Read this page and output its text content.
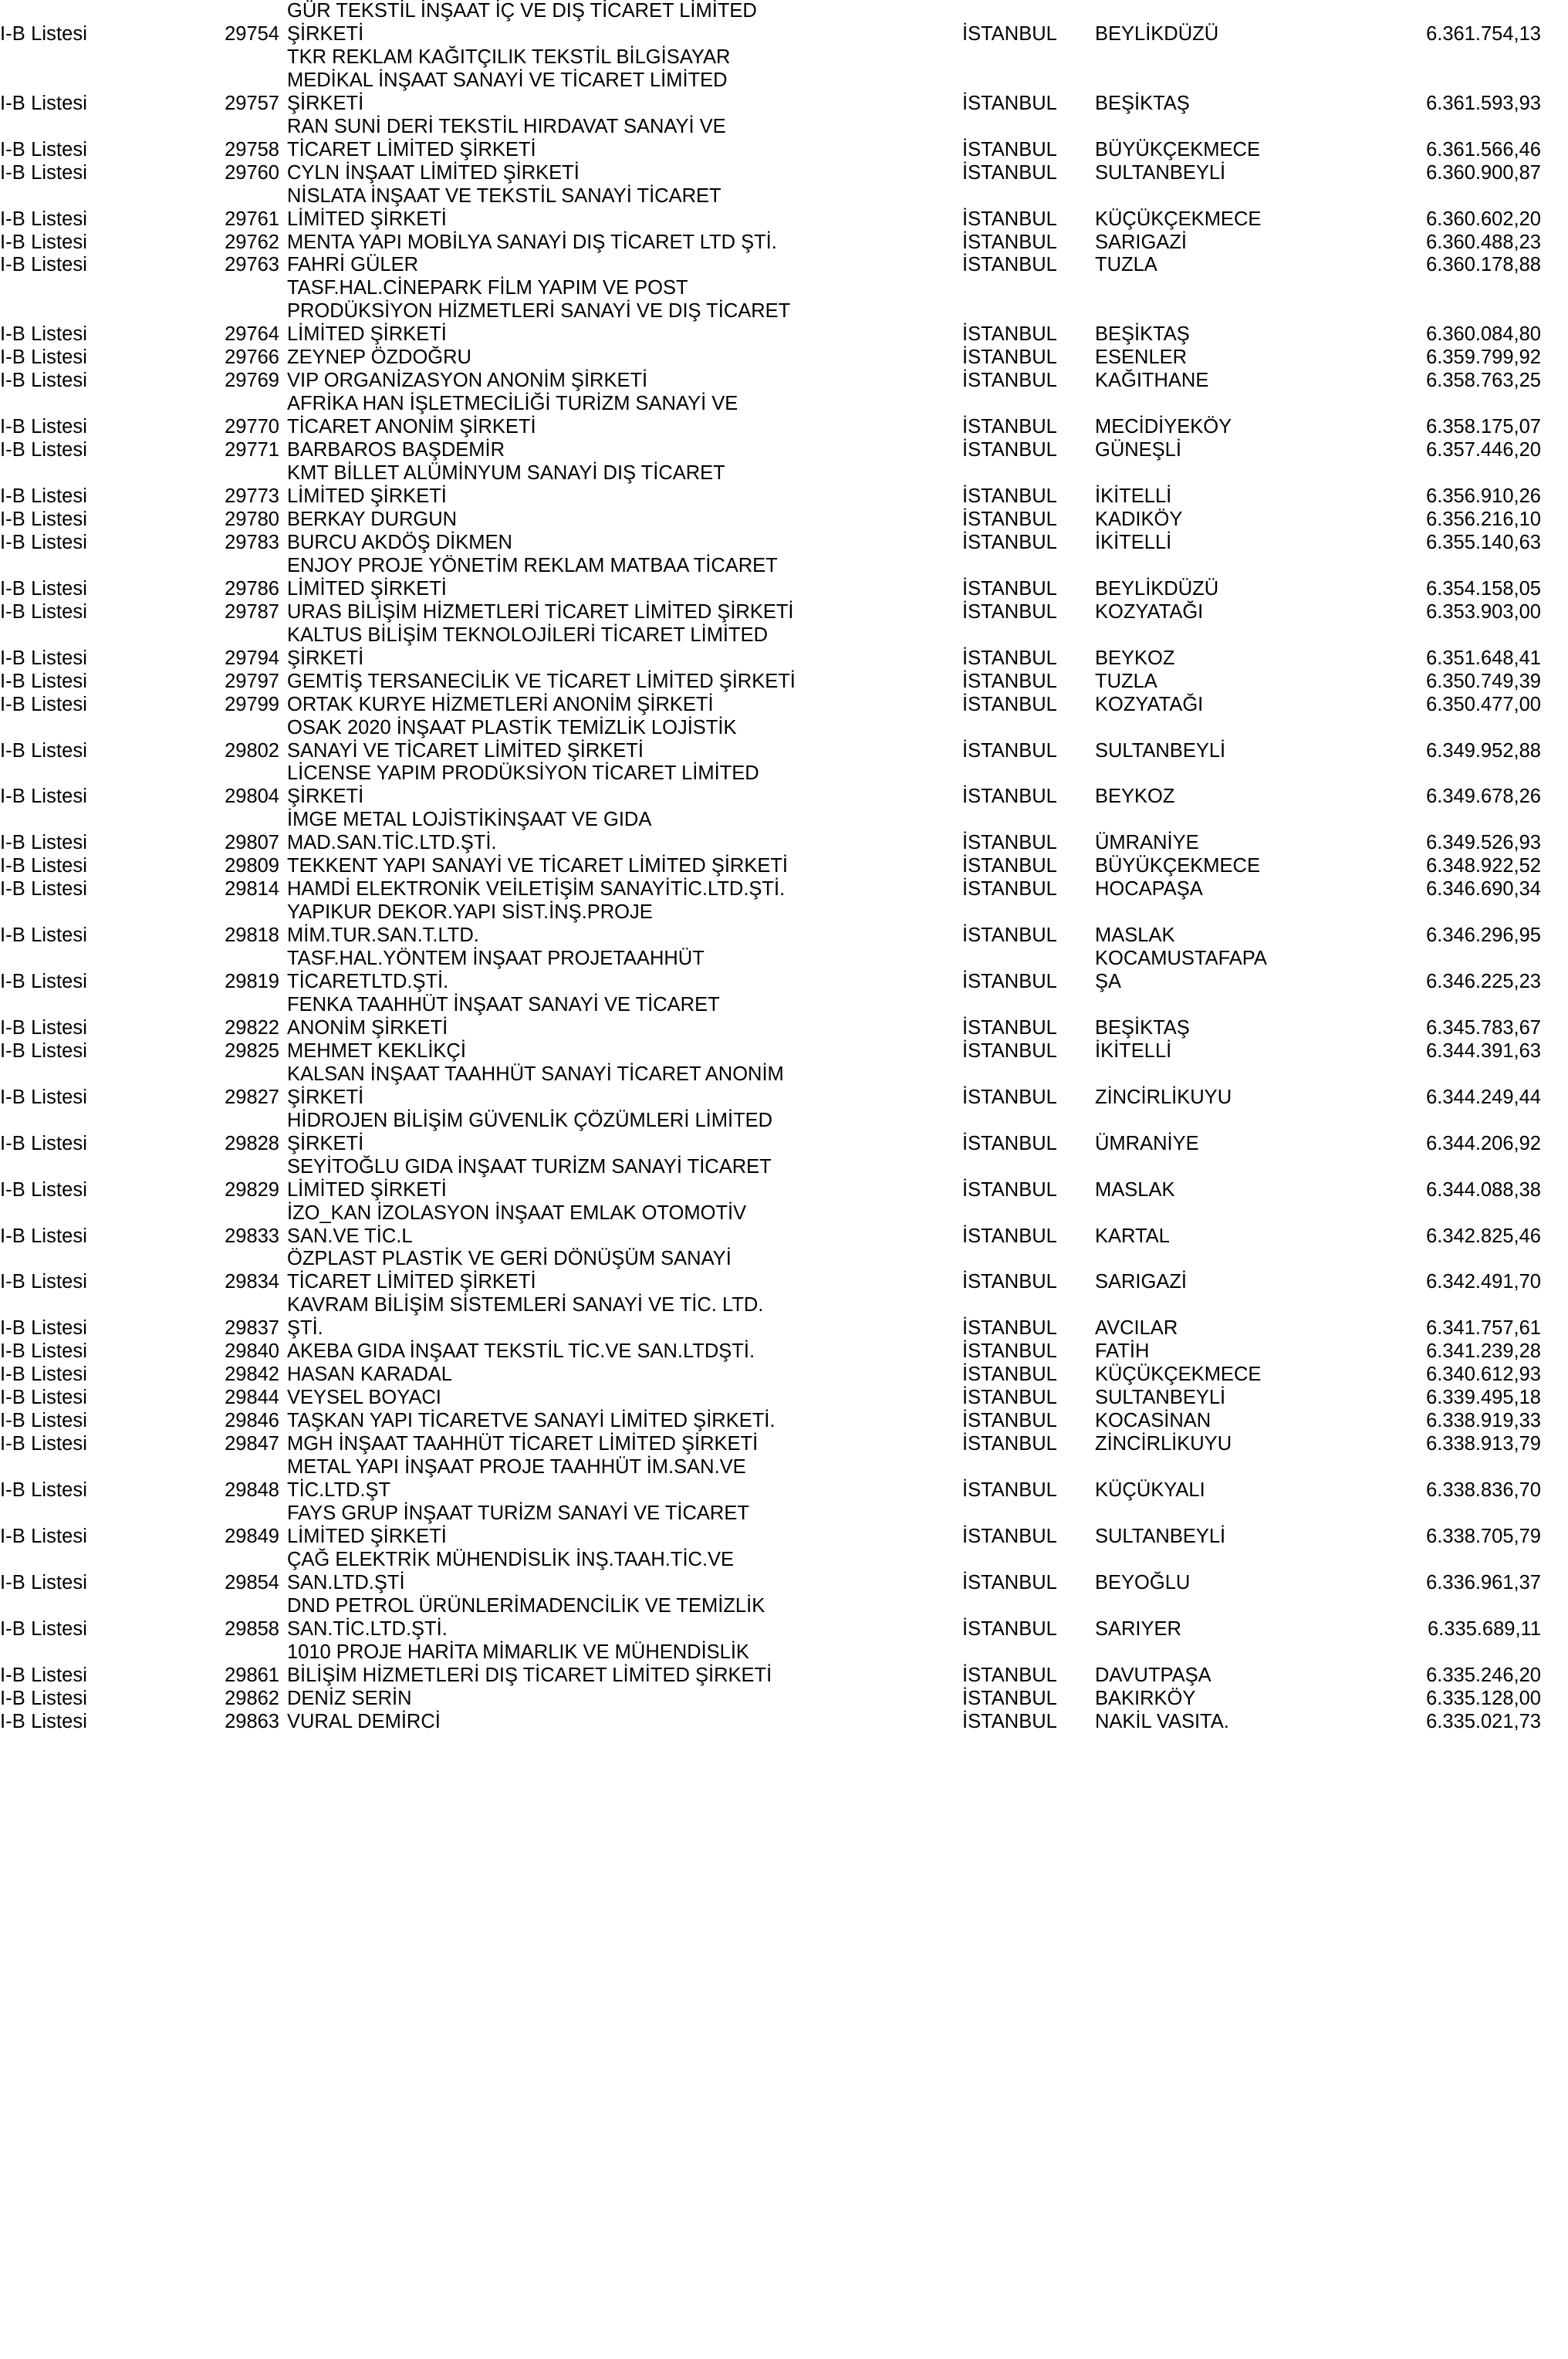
I-B Listesi		29754		GÜR TEKSTİL İNŞAAT İÇ VE DIŞ TİCARET LİMİTED
ŞİRKETİ	İSTANBUL		BEYLİKDÜZÜ	6.361.754,13	
I-B Listesi		29757		TKR REKLAM KAĞITÇILIK TEKSTİL BİLGİSAYAR
MEDİKAL İNŞAAT SANAYİ VE TİCARET LİMİTED
ŞİRKETİ	İSTANBUL		BEŞİKTAŞ	6.361.593,93	
I-B Listesi		29758		RAN SUNİ DERİ TEKSTİL HIRDAVAT SANAYİ VE
TİCARET LİMİTED ŞİRKETİ	İSTANBUL		BÜYÜKÇEKMECE	6.361.566,46	
I-B Listesi		29760		CYLN İNŞAAT LİMİTED ŞİRKETİ	İSTANBUL		SULTANBEYLİ	6.360.900,87	
I-B Listesi		29761		NİSLATA İNŞAAT VE TEKSTİL SANAYİ TİCARET
LİMİTED ŞİRKETİ	İSTANBUL		KÜÇÜKÇEKMECE	6.360.602,20	
I-B Listesi		29762		MENTA YAPI MOBİLYA SANAYİ DIŞ TİCARET LTD ŞTİ.	İSTANBUL		SARIGAZİ	6.360.488,23	
I-B Listesi		29763		FAHRİ GÜLER	İSTANBUL		TUZLA	6.360.178,88	
I-B Listesi		29764		TASF.HAL.CİNEPARK FİLM YAPIM VE POST
PRODÜKSİYON HİZMETLERİ SANAYİ VE DIŞ TİCARET
LİMİTED ŞİRKETİ	İSTANBUL		BEŞİKTAŞ	6.360.084,80	
I-B Listesi		29766		ZEYNEP ÖZDOĞRU	İSTANBUL		ESENLER	6.359.799,92	
I-B Listesi		29769		VIP ORGANİZASYON ANONİM ŞİRKETİ	İSTANBUL		KAĞITHANE	6.358.763,25	
I-B Listesi		29770		AFRİKA HAN İŞLETMECİLİĞİ TURİZM SANAYİ VE
TİCARET ANONİM ŞİRKETİ	İSTANBUL		MECİDİYEKÖY	6.358.175,07	
I-B Listesi		29771		BARBAROS BAŞDEMİR	İSTANBUL		GÜNEŞLİ	6.357.446,20	
I-B Listesi		29773		KMT BİLLET ALÜMİNYUM SANAYİ DIŞ TİCARET
LİMİTED ŞİRKETİ	İSTANBUL		İKİTELLİ	6.356.910,26	
I-B Listesi		29780		BERKAY DURGUN	İSTANBUL		KADIKÖY	6.356.216,10	
I-B Listesi		29783		BURCU AKDÖŞ DİKMEN	İSTANBUL		İKİTELLİ	6.355.140,63	
I-B Listesi		29786		ENJOY PROJE YÖNETİM REKLAM MATBAA TİCARET
LİMİTED ŞİRKETİ	İSTANBUL		BEYLİKDÜZÜ	6.354.158,05	
I-B Listesi		29787		URAS BİLİŞİM HİZMETLERİ TİCARET LİMİTED ŞİRKETİ	İSTANBUL		KOZYATAĞI	6.353.903,00	
I-B Listesi		29794		KALTUS BİLİŞİM TEKNOLOJİLERİ TİCARET LİMİTED
ŞİRKETİ	İSTANBUL		BEYKOZ	6.351.648,41	
I-B Listesi		29797		GEMTİŞ TERSANECİLİK VE TİCARET LİMİTED ŞİRKETİ	İSTANBUL		TUZLA	6.350.749,39	
I-B Listesi		29799		ORTAK KURYE HİZMETLERİ ANONİM ŞİRKETİ	İSTANBUL		KOZYATAĞI	6.350.477,00	
I-B Listesi		29802		OSAK 2020 İNŞAAT PLASTİK TEMİZLİK LOJİSTİK
SANAYİ VE TİCARET LİMİTED ŞİRKETİ	İSTANBUL		SULTANBEYLİ	6.349.952,88	
I-B Listesi		29804		LİCENSE YAPIM PRODÜKSİYON TİCARET LİMİTED
ŞİRKETİ	İSTANBUL		BEYKOZ	6.349.678,26	
I-B Listesi		29807		İMGE METAL LOJİSTİKİNŞAAT VE GIDA
MAD.SAN.TİC.LTD.ŞTİ.	İSTANBUL		ÜMRANİYE	6.349.526,93	
I-B Listesi		29809		TEKKENT YAPI SANAYİ VE TİCARET LİMİTED ŞİRKETİ	İSTANBUL		BÜYÜKÇEKMECE	6.348.922,52	
I-B Listesi		29814		HAMDİ ELEKTRONİK VEİLETİŞİM SANAYİTİC.LTD.ŞTİ.	İSTANBUL		HOCAPAŞA	6.346.690,34	
I-B Listesi		29818		YAPIKUR DEKOR.YAPI SİST.İNŞ.PROJE
MİM.TUR.SAN.T.LTD.	İSTANBUL		MASLAK	6.346.296,95	
I-B Listesi		29819		TASF.HAL.YÖNTEM İNŞAAT PROJETAAHHÜT
TİCARETLTD.ŞTİ.	İSTANBUL		KOCAMUSTAFAPA
ŞA	6.346.225,23	
I-B Listesi		29822		FENKA TAAHHÜT İNŞAAT SANAYİ VE TİCARET
ANONİM ŞİRKETİ	İSTANBUL		BEŞİKTAŞ	6.345.783,67	
I-B Listesi		29825		MEHMET KEKLİKÇİ	İSTANBUL		İKİTELLİ	6.344.391,63	
I-B Listesi		29827		KALSAN İNŞAAT TAAHHÜT SANAYİ TİCARET ANONİM
ŞİRKETİ	İSTANBUL		ZİNCİRLİKUYU	6.344.249,44	
I-B Listesi		29828		HİDROJEN BİLİŞİM GÜVENLİK ÇÖZÜMLERİ LİMİTED
ŞİRKETİ	İSTANBUL		ÜMRANİYE	6.344.206,92	
I-B Listesi		29829		SEYİTOĞLU GIDA İNŞAAT TURİZM SANAYİ TİCARET
LİMİTED ŞİRKETİ	İSTANBUL		MASLAK	6.344.088,38	
I-B Listesi		29833		İZO_KAN İZOLASYON İNŞAAT EMLAK OTOMOTİV
SAN.VE TİC.L	İSTANBUL		KARTAL	6.342.825,46	
I-B Listesi		29834		ÖZPLAST PLASTİK VE GERİ DÖNÜŞÜM SANAYİ
TİCARET LİMİTED ŞİRKETİ	İSTANBUL		SARIGAZİ	6.342.491,70	
I-B Listesi		29837		KAVRAM BİLİŞİM SİSTEMLERİ SANAYİ VE TİC. LTD.
ŞTİ.	İSTANBUL		AVCILAR	6.341.757,61	
I-B Listesi		29840		AKEBA GIDA İNŞAAT TEKSTİL TİC.VE SAN.LTDŞTİ.	İSTANBUL		FATİH	6.341.239,28	
I-B Listesi		29842		HASAN KARADAL	İSTANBUL		KÜÇÜKÇEKMECE	6.340.612,93	
I-B Listesi		29844		VEYSEL BOYACI	İSTANBUL		SULTANBEYLİ	6.339.495,18	
I-B Listesi		29846		TAŞKAN YAPI TİCARETVE SANAYİ LİMİTED ŞİRKETİ.	İSTANBUL		KOCASİNAN	6.338.919,33	
I-B Listesi		29847		MGH İNŞAAT TAAHHÜT TİCARET LİMİTED ŞİRKETİ	İSTANBUL		ZİNCİRLİKUYU	6.338.913,79	
I-B Listesi		29848		METAL YAPI İNŞAAT PROJE TAAHHÜT İM.SAN.VE
TİC.LTD.ŞT	İSTANBUL		KÜÇÜKYALI	6.338.836,70	
I-B Listesi		29849		FAYS GRUP İNŞAAT TURİZM SANAYİ VE TİCARET
LİMİTED ŞİRKETİ	İSTANBUL		SULTANBEYLİ	6.338.705,79	
I-B Listesi		29854		ÇAĞ ELEKTRİK MÜHENDİSLİK İNŞ.TAAH.TİC.VE
SAN.LTD.ŞTİ	İSTANBUL		BEYOĞLU	6.336.961,37	
I-B Listesi		29858		DND PETROL ÜRÜNLERİMADENCİLİK VE TEMİZLİK
SAN.TİC.LTD.ŞTİ.	İSTANBUL		SARIYER	6.335.689,11	
I-B Listesi		29861		1010 PROJE HARİTA MİMARLIK VE MÜHENDİSLİK
BİLİŞİM HİZMETLERİ DIŞ TİCARET LİMİTED ŞİRKETİ	İSTANBUL		DAVUTPAŞA	6.335.246,20	
I-B Listesi		29862		DENİZ SERİN	İSTANBUL		BAKIRKÖY	6.335.128,00	
I-B Listesi		29863		VURAL DEMİRCİ	İSTANBUL		NAKİL VASITA.	6.335.021,73	
